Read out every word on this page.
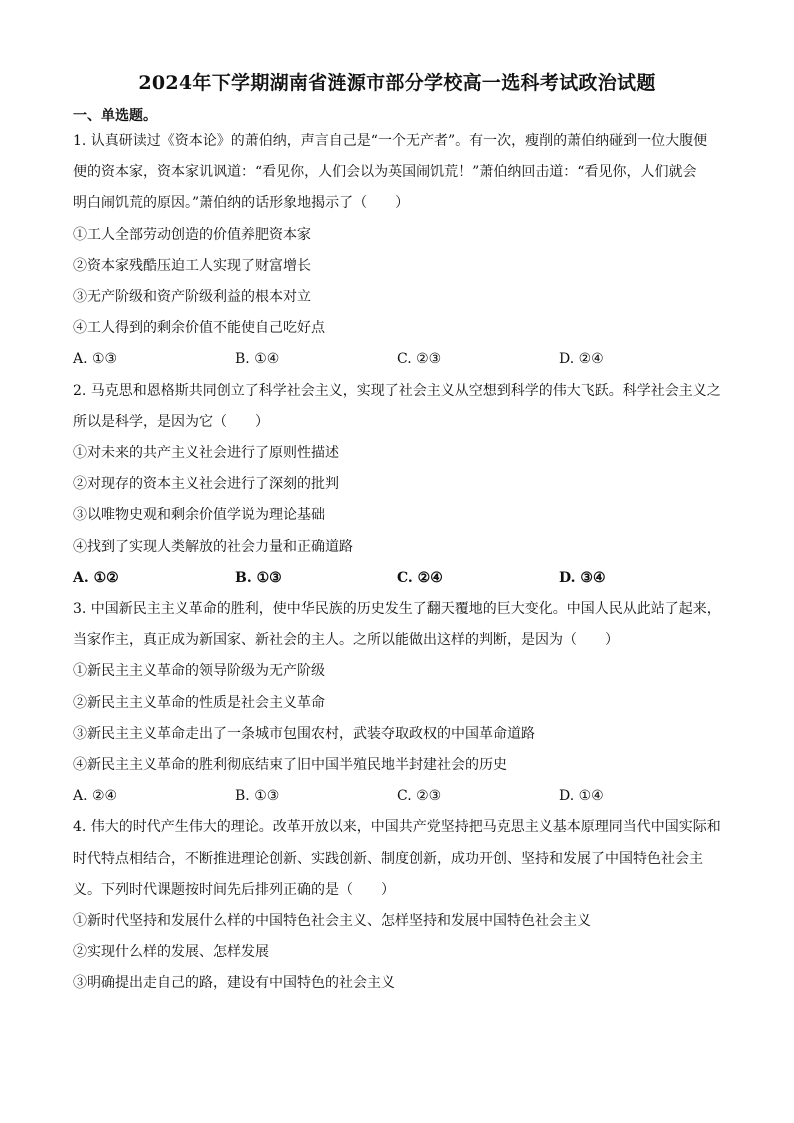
2024年下学期湖南省涟源市部分学校高一选科考试政治试题
一、单选题。
1. 认真研读过《资本论》的萧伯纳，声言自己是“一个无产者”。有一次，瘦削的萧伯纳碰到一位大腹便
便的资本家，资本家讥讽道：“看见你，人们会以为英国闹饥荒！”萧伯纳回击道：“看见你，人们就会
明白闹饥荒的原因。”萧伯纳的话形象地揭示了（　　）
①工人全部劳动创造的价值养肥资本家
②资本家残酷压迫工人实现了财富增长
③无产阶级和资产阶级利益的根本对立
④工人得到的剩余价值不能使自己吃好点
A. ①③	B. ①④	C. ②③	D. ②④
2. 马克思和恩格斯共同创立了科学社会主义，实现了社会主义从空想到科学的伟大飞跃。科学社会主义之
所以是科学，是因为它（　　）
①对未来的共产主义社会进行了原则性描述
②对现存的资本主义社会进行了深刻的批判
③以唯物史观和剩余价值学说为理论基础
④找到了实现人类解放的社会力量和正确道路
A. ①②	B. ①③	C. ②④	D. ③④
3. 中国新民主主义革命的胜利，使中华民族的历史发生了翻天覆地的巨大变化。中国人民从此站了起来，
当家作主，真正成为新国家、新社会的主人。之所以能做出这样的判断，是因为（　　）
①新民主主义革命的领导阶级为无产阶级
②新民主主义革命的性质是社会主义革命
③新民主主义革命走出了一条城市包围农村，武装夺取政权的中国革命道路
④新民主主义革命的胜利彻底结束了旧中国半殖民地半封建社会的历史
A. ②④	B. ①③	C. ②③	D. ①④
4. 伟大的时代产生伟大的理论。改革开放以来，中国共产党坚持把马克思主义基本原理同当代中国实际和
时代特点相结合，不断推进理论创新、实践创新、制度创新，成功开创、坚持和发展了中国特色社会主
义。下列时代课题按时间先后排列正确的是（　　）
①新时代坚持和发展什么样的中国特色社会主义、怎样坚持和发展中国特色社会主义
②实现什么样的发展、怎样发展
③明确提出走自己的路，建设有中国特色的社会主义
